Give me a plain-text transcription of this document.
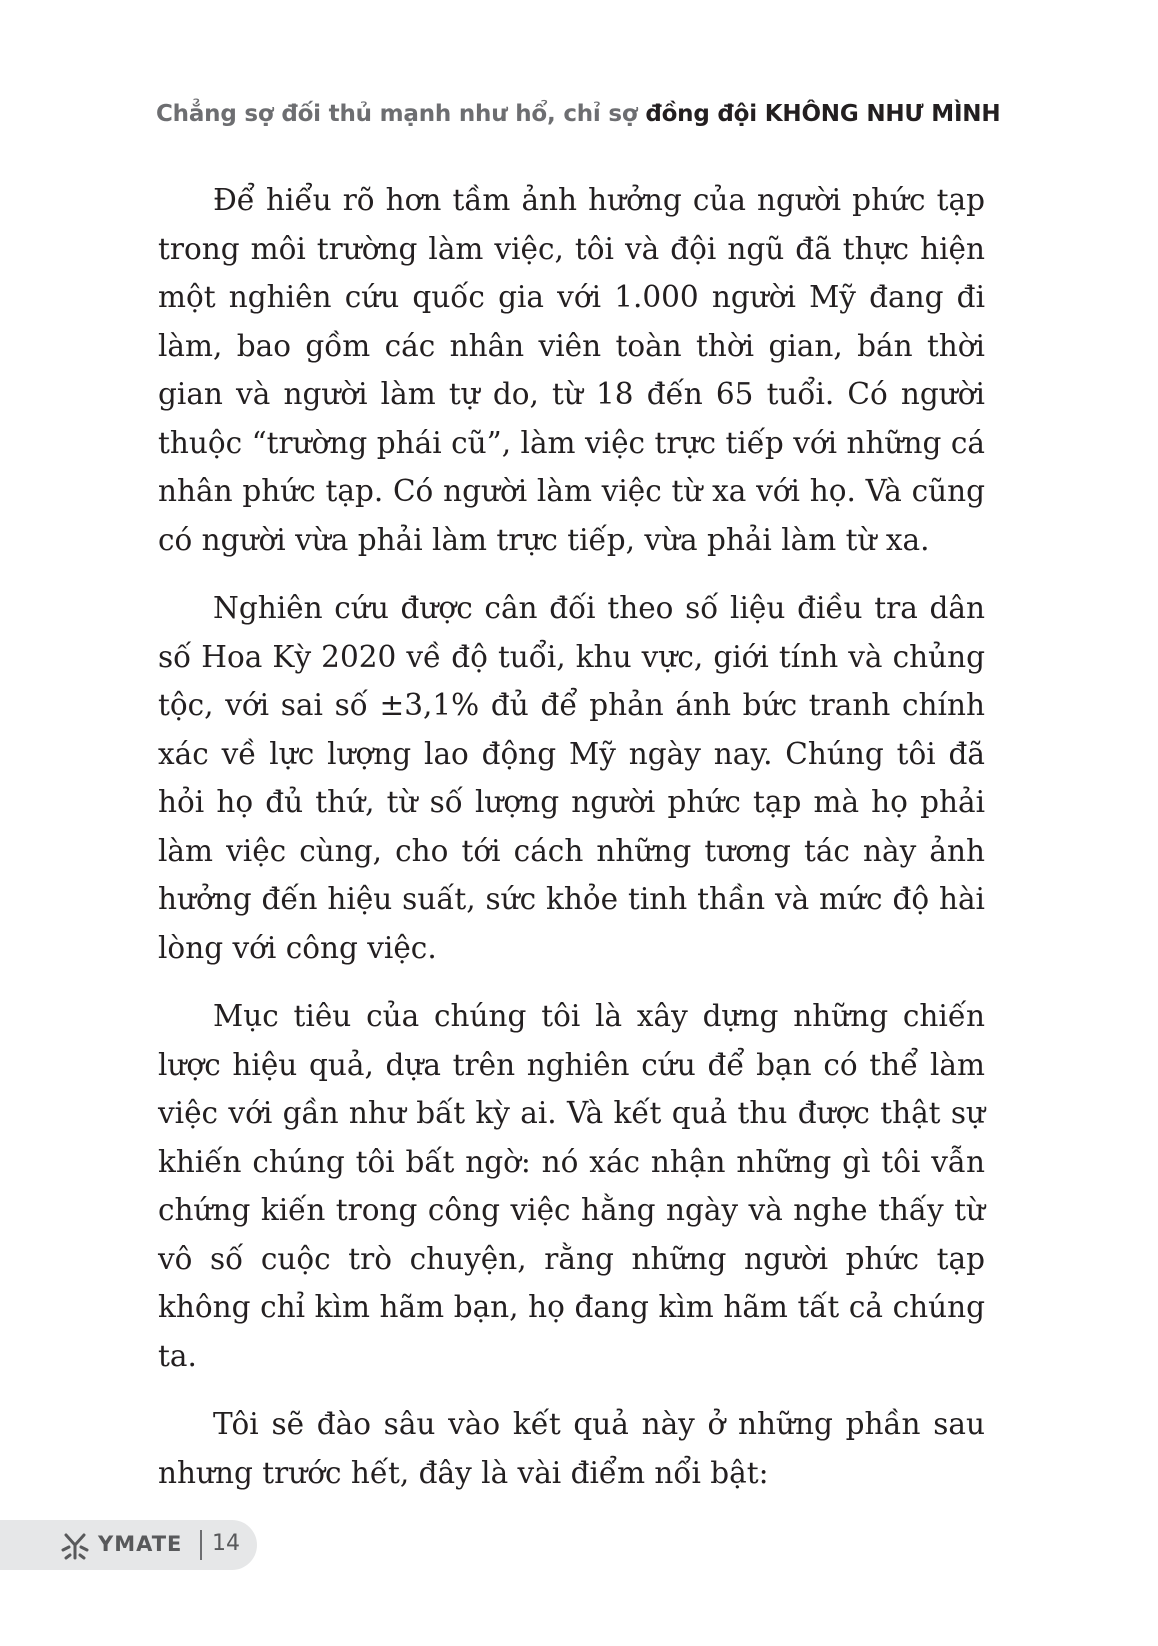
Chẳng sợ đối thủ mạnh như hổ, chỉ sợ đồng đội KHÔNG NHƯ MÌNH

Để hiểu rõ hơn tầm ảnh hưởng của người phức tạp trong môi trường làm việc, tôi và đội ngũ đã thực hiện một nghiên cứu quốc gia với 1.000 người Mỹ đang đi làm, bao gồm các nhân viên toàn thời gian, bán thời gian và người làm tự do, từ 18 đến 65 tuổi. Có người thuộc “trường phái cũ”, làm việc trực tiếp với những cá nhân phức tạp. Có người làm việc từ xa với họ. Và cũng có người vừa phải làm trực tiếp, vừa phải làm từ xa.

Nghiên cứu được cân đối theo số liệu điều tra dân số Hoa Kỳ 2020 về độ tuổi, khu vực, giới tính và chủng tộc, với sai số ±3,1% đủ để phản ánh bức tranh chính xác về lực lượng lao động Mỹ ngày nay. Chúng tôi đã hỏi họ đủ thứ, từ số lượng người phức tạp mà họ phải làm việc cùng, cho tới cách những tương tác này ảnh hưởng đến hiệu suất, sức khỏe tinh thần và mức độ hài lòng với công việc.

Mục tiêu của chúng tôi là xây dựng những chiến lược hiệu quả, dựa trên nghiên cứu để bạn có thể làm việc với gần như bất kỳ ai. Và kết quả thu được thật sự khiến chúng tôi bất ngờ: nó xác nhận những gì tôi vẫn chứng kiến trong công việc hằng ngày và nghe thấy từ vô số cuộc trò chuyện, rằng những người phức tạp không chỉ kìm hãm bạn, họ đang kìm hãm tất cả chúng ta.

Tôi sẽ đào sâu vào kết quả này ở những phần sau nhưng trước hết, đây là vài điểm nổi bật:

YMATE 14
